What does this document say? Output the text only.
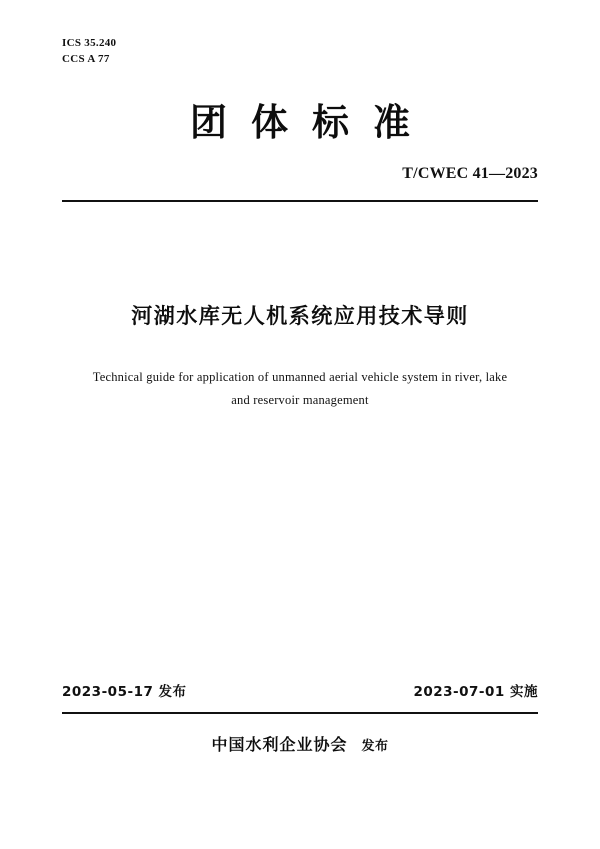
ICS 35.240
CCS A 77
团体标准
T/CWEC 41—2023
河湖水库无人机系统应用技术导则
Technical guide for application of unmanned aerial vehicle system in river, lake and reservoir management
2023-05-17 发布	2023-07-01 实施
中国水利企业协会 发布
